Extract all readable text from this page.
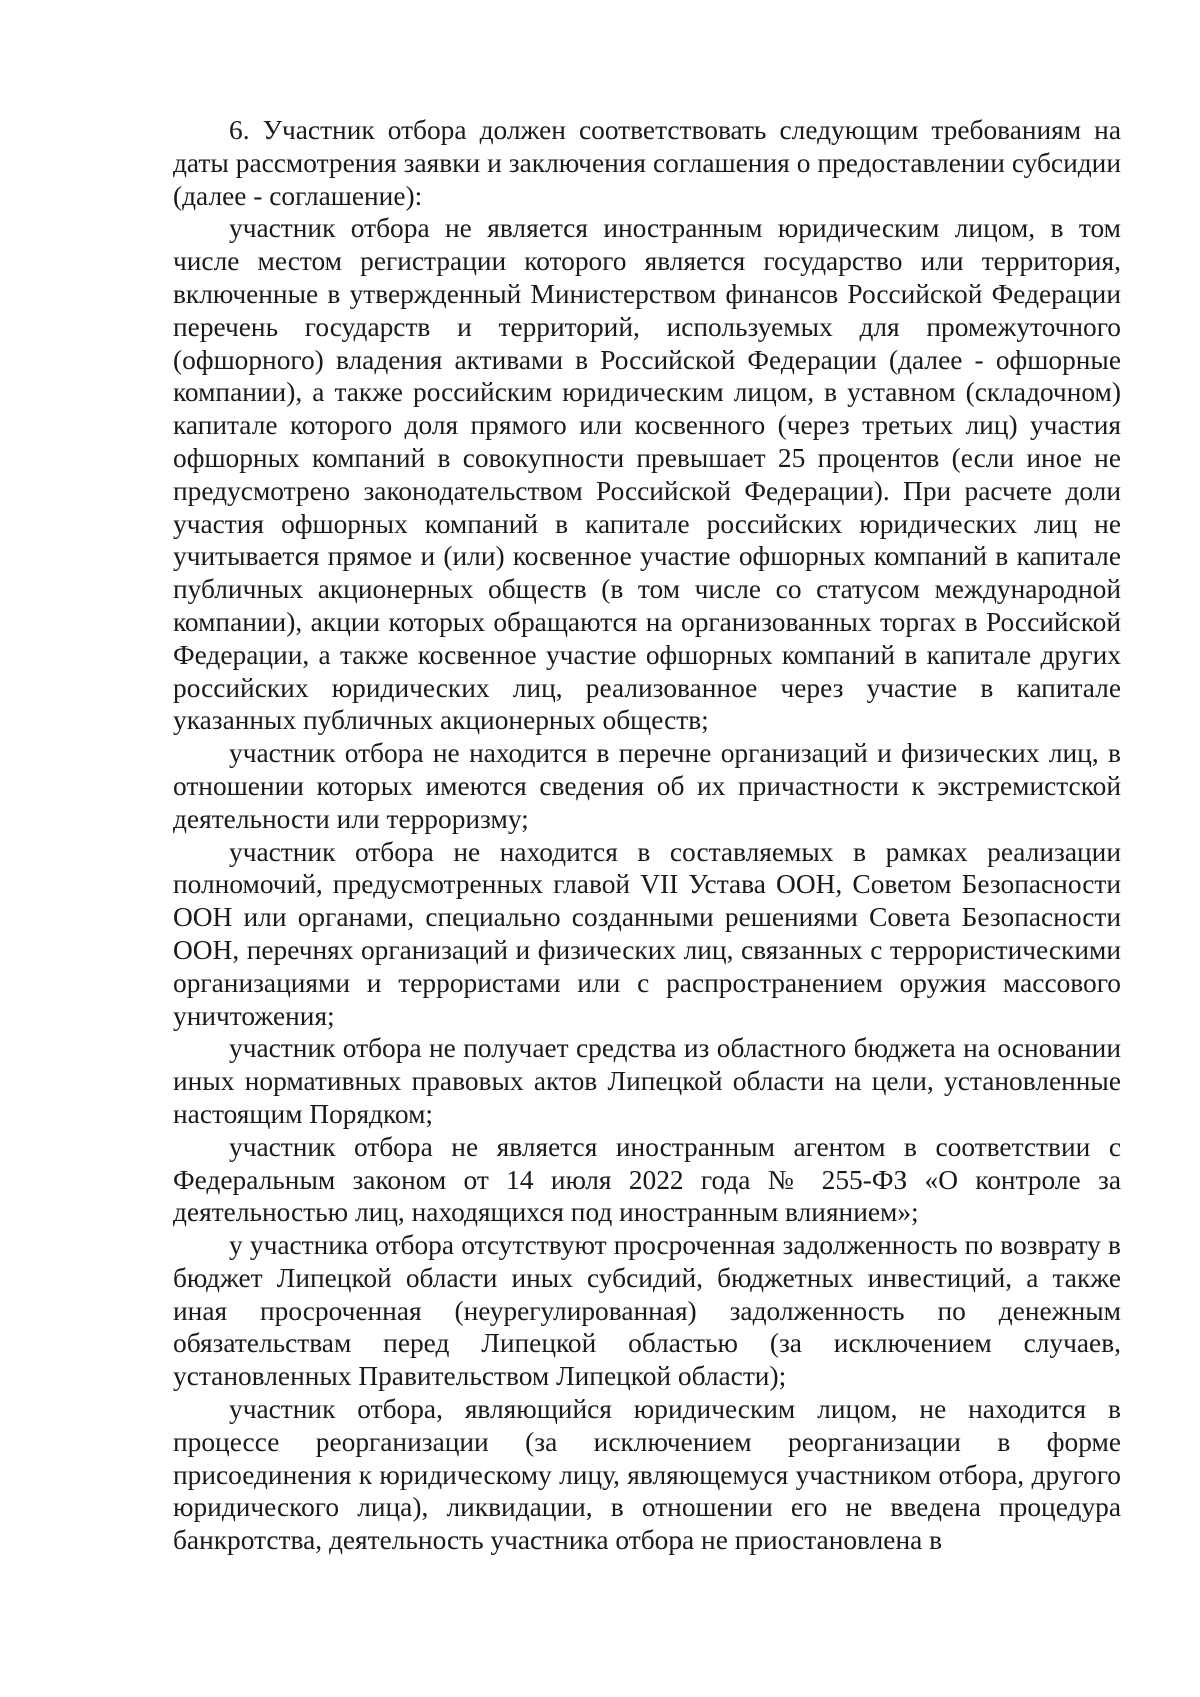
6. Участник отбора должен соответствовать следующим требованиям на даты рассмотрения заявки и заключения соглашения о предоставлении субсидии (далее - соглашение):

участник отбора не является иностранным юридическим лицом, в том числе местом регистрации которого является государство или территория, включенные в утвержденный Министерством финансов Российской Федерации перечень государств и территорий, используемых для промежуточного (офшорного) владения активами в Российской Федерации (далее - офшорные компании), а также российским юридическим лицом, в уставном (складочном) капитале которого доля прямого или косвенного (через третьих лиц) участия офшорных компаний в совокупности превышает 25 процентов (если иное не предусмотрено законодательством Российской Федерации). При расчете доли участия офшорных компаний в капитале российских юридических лиц не учитывается прямое и (или) косвенное участие офшорных компаний в капитале публичных акционерных обществ (в том числе со статусом международной компании), акции которых обращаются на организованных торгах в Российской Федерации, а также косвенное участие офшорных компаний в капитале других российских юридических лиц, реализованное через участие в капитале указанных публичных акционерных обществ;

участник отбора не находится в перечне организаций и физических лиц, в отношении которых имеются сведения об их причастности к экстремистской деятельности или терроризму;

участник отбора не находится в составляемых в рамках реализации полномочий, предусмотренных главой VII Устава ООН, Советом Безопасности ООН или органами, специально созданными решениями Совета Безопасности ООН, перечнях организаций и физических лиц, связанных с террористическими организациями и террористами или с распространением оружия массового уничтожения;

участник отбора не получает средства из областного бюджета на основании иных нормативных правовых актов Липецкой области на цели, установленные настоящим Порядком;

участник отбора не является иностранным агентом в соответствии с Федеральным законом от 14 июля 2022 года № 255-ФЗ «О контроле за деятельностью лиц, находящихся под иностранным влиянием»;

у участника отбора отсутствуют просроченная задолженность по возврату в бюджет Липецкой области иных субсидий, бюджетных инвестиций, а также иная просроченная (неурегулированная) задолженность по денежным обязательствам перед Липецкой областью (за исключением случаев, установленных Правительством Липецкой области);

участник отбора, являющийся юридическим лицом, не находится в процессе реорганизации (за исключением реорганизации в форме присоединения к юридическому лицу, являющемуся участником отбора, другого юридического лица), ликвидации, в отношении его не введена процедура банкротства, деятельность участника отбора не приостановлена в
